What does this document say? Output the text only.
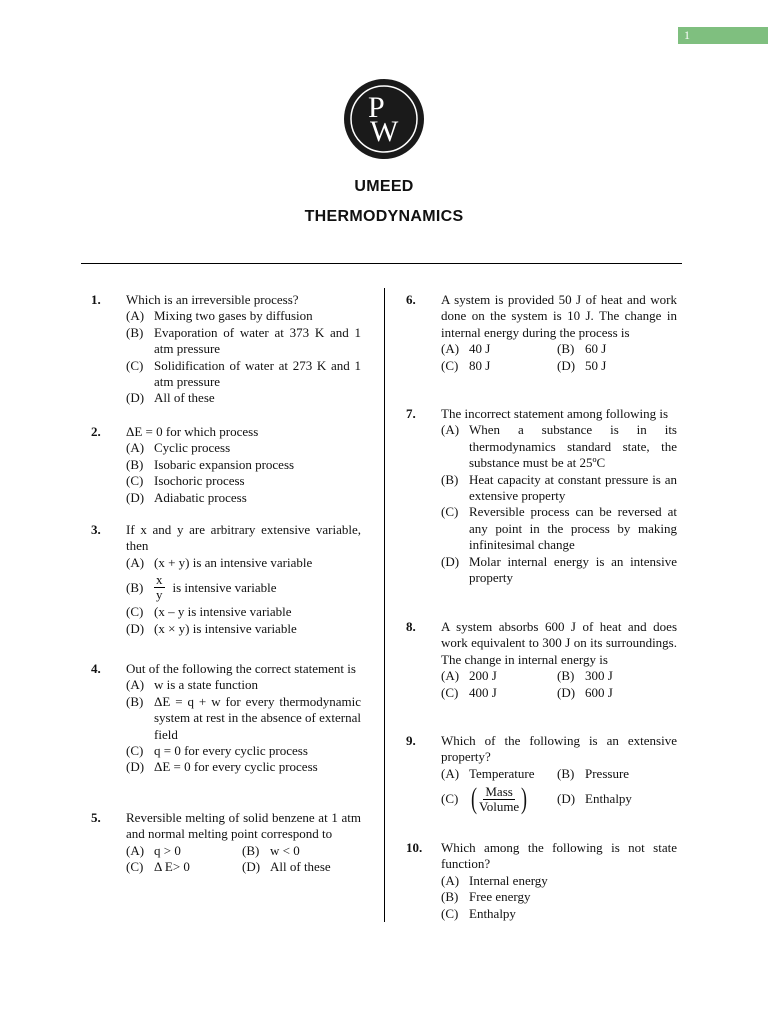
1
P
W
UMEED
THERMODYNAMICS
1. Which is an irreversible process?
(A) Mixing two gases by diffusion
(B) Evaporation of water at 373 K and 1 atm pressure
(C) Solidification of water at 273 K and 1 atm pressure
(D) All of these
2. ΔE = 0 for which process
(A) Cyclic process
(B) Isobaric expansion process
(C) Isochoric process
(D) Adiabatic process
3. If x and y are arbitrary extensive variable, then
(A) (x + y) is an intensive variable
$(B) \frac{x}{y}$ is intensive variable
(C) (x – y is intensive variable
(D) (x × y) is intensive variable
4. Out of the following the correct statement is
(A) w is a state function
(B) ΔE = q + w for every thermodynamic system at rest in the absence of external field
(C) q = 0 for every cyclic process
(D) ΔE = 0 for every cyclic process
5. Reversible melting of solid benzene at 1 atm and normal melting point correspond to
(A) q > 0	(B) w < 0
(C) Δ E> 0	(D) All of these
6. A system is provided 50 J of heat and work done on the system is 10 J. The change in internal energy during the process is
(A) 40 J	(B) 60 J
(C) 80 J	(D) 50 J
7. The incorrect statement among following is
(A) When a substance is in its thermodynamics standard state, the substance must be at 25ºC
(B) Heat capacity at constant pressure is an extensive property
(C) Reversible process can be reversed at any point in the process by making infinitesimal change
(D) Molar internal energy is an intensive property
8. A system absorbs 600 J of heat and does work equivalent to 300 J on its surroundings. The change in internal energy is
(A) 200 J	(B) 300 J
(C) 400 J	(D) 600 J
9. Which of the following is an extensive property?
(A) Temperature (B) Pressure
(C) ( $\frac{\text{Mass}}{\text{Volume}}$ ) (D) Enthalpy
10. Which among the following is not state function?
(A) Internal energy
(B) Free energy
(C) Enthalpy
